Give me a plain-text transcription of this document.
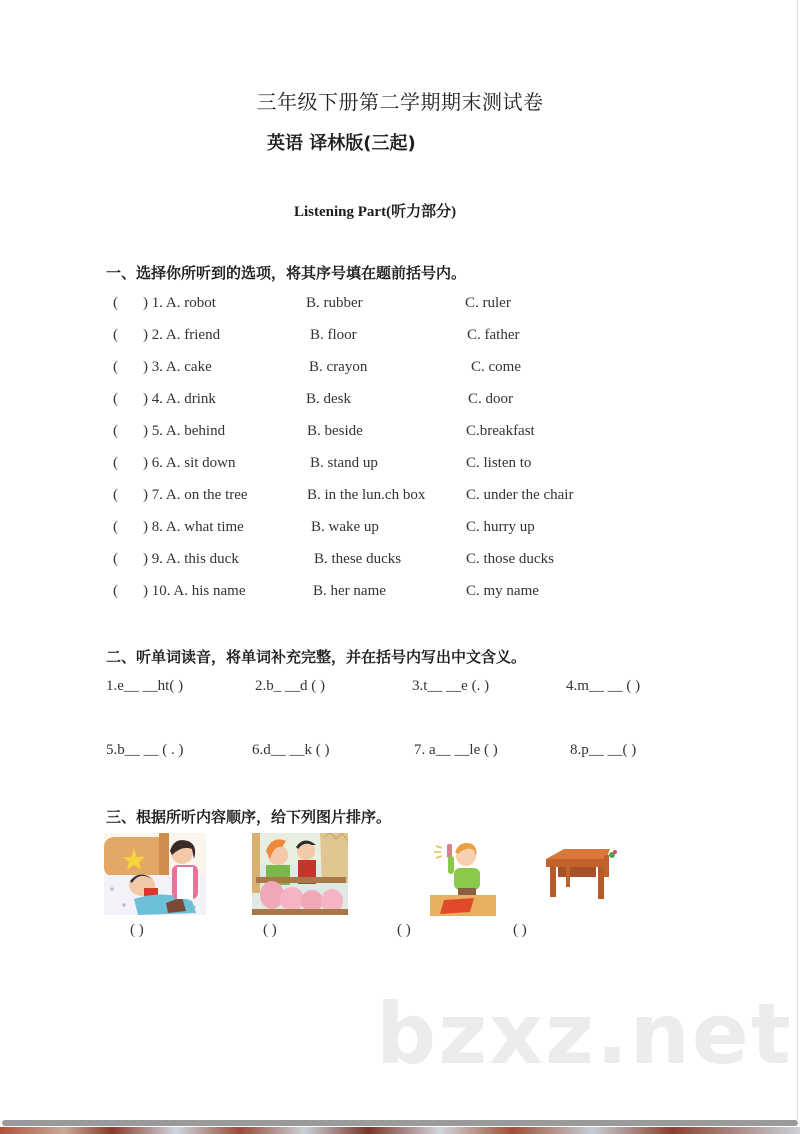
三年级下册第二学期期末测试卷
英语 译林版(三起)
Listening Part(听力部分)
一、选择你所听到的选项，将其序号填在题前括号内。
( ) 1. A. robot	B. rubber	C. ruler
( ) 2. A. friend	B. floor	C. father
( ) 3. A. cake	B. crayon	C. come
( ) 4. A. drink	B. desk	C. door
( ) 5. A. behind	B. beside	C.breakfast
( ) 6. A. sit down	B. stand up	C. listen to
( ) 7. A. on the tree	B. in the lun.ch box	C. under the chair
( ) 8. A. what time	B. wake up	C. hurry up
( ) 9. A. this duck	B. these ducks	C. those ducks
( ) 10. A. his name	B. her name	C. my name
二、听单词读音，将单词补充完整，并在括号内写出中文含义。
1.e__ __ht( )	2.b_ __d ( )	3.t__ __e (. )	4.m__ __ ( )
5.b__ __ ( . )	6.d__ __k ( )	7. a__ __le ( )	8.p__ __( )
三、根据所听内容顺序，给下列图片排序。
( )	( )	( )	( )
bzxz.net
